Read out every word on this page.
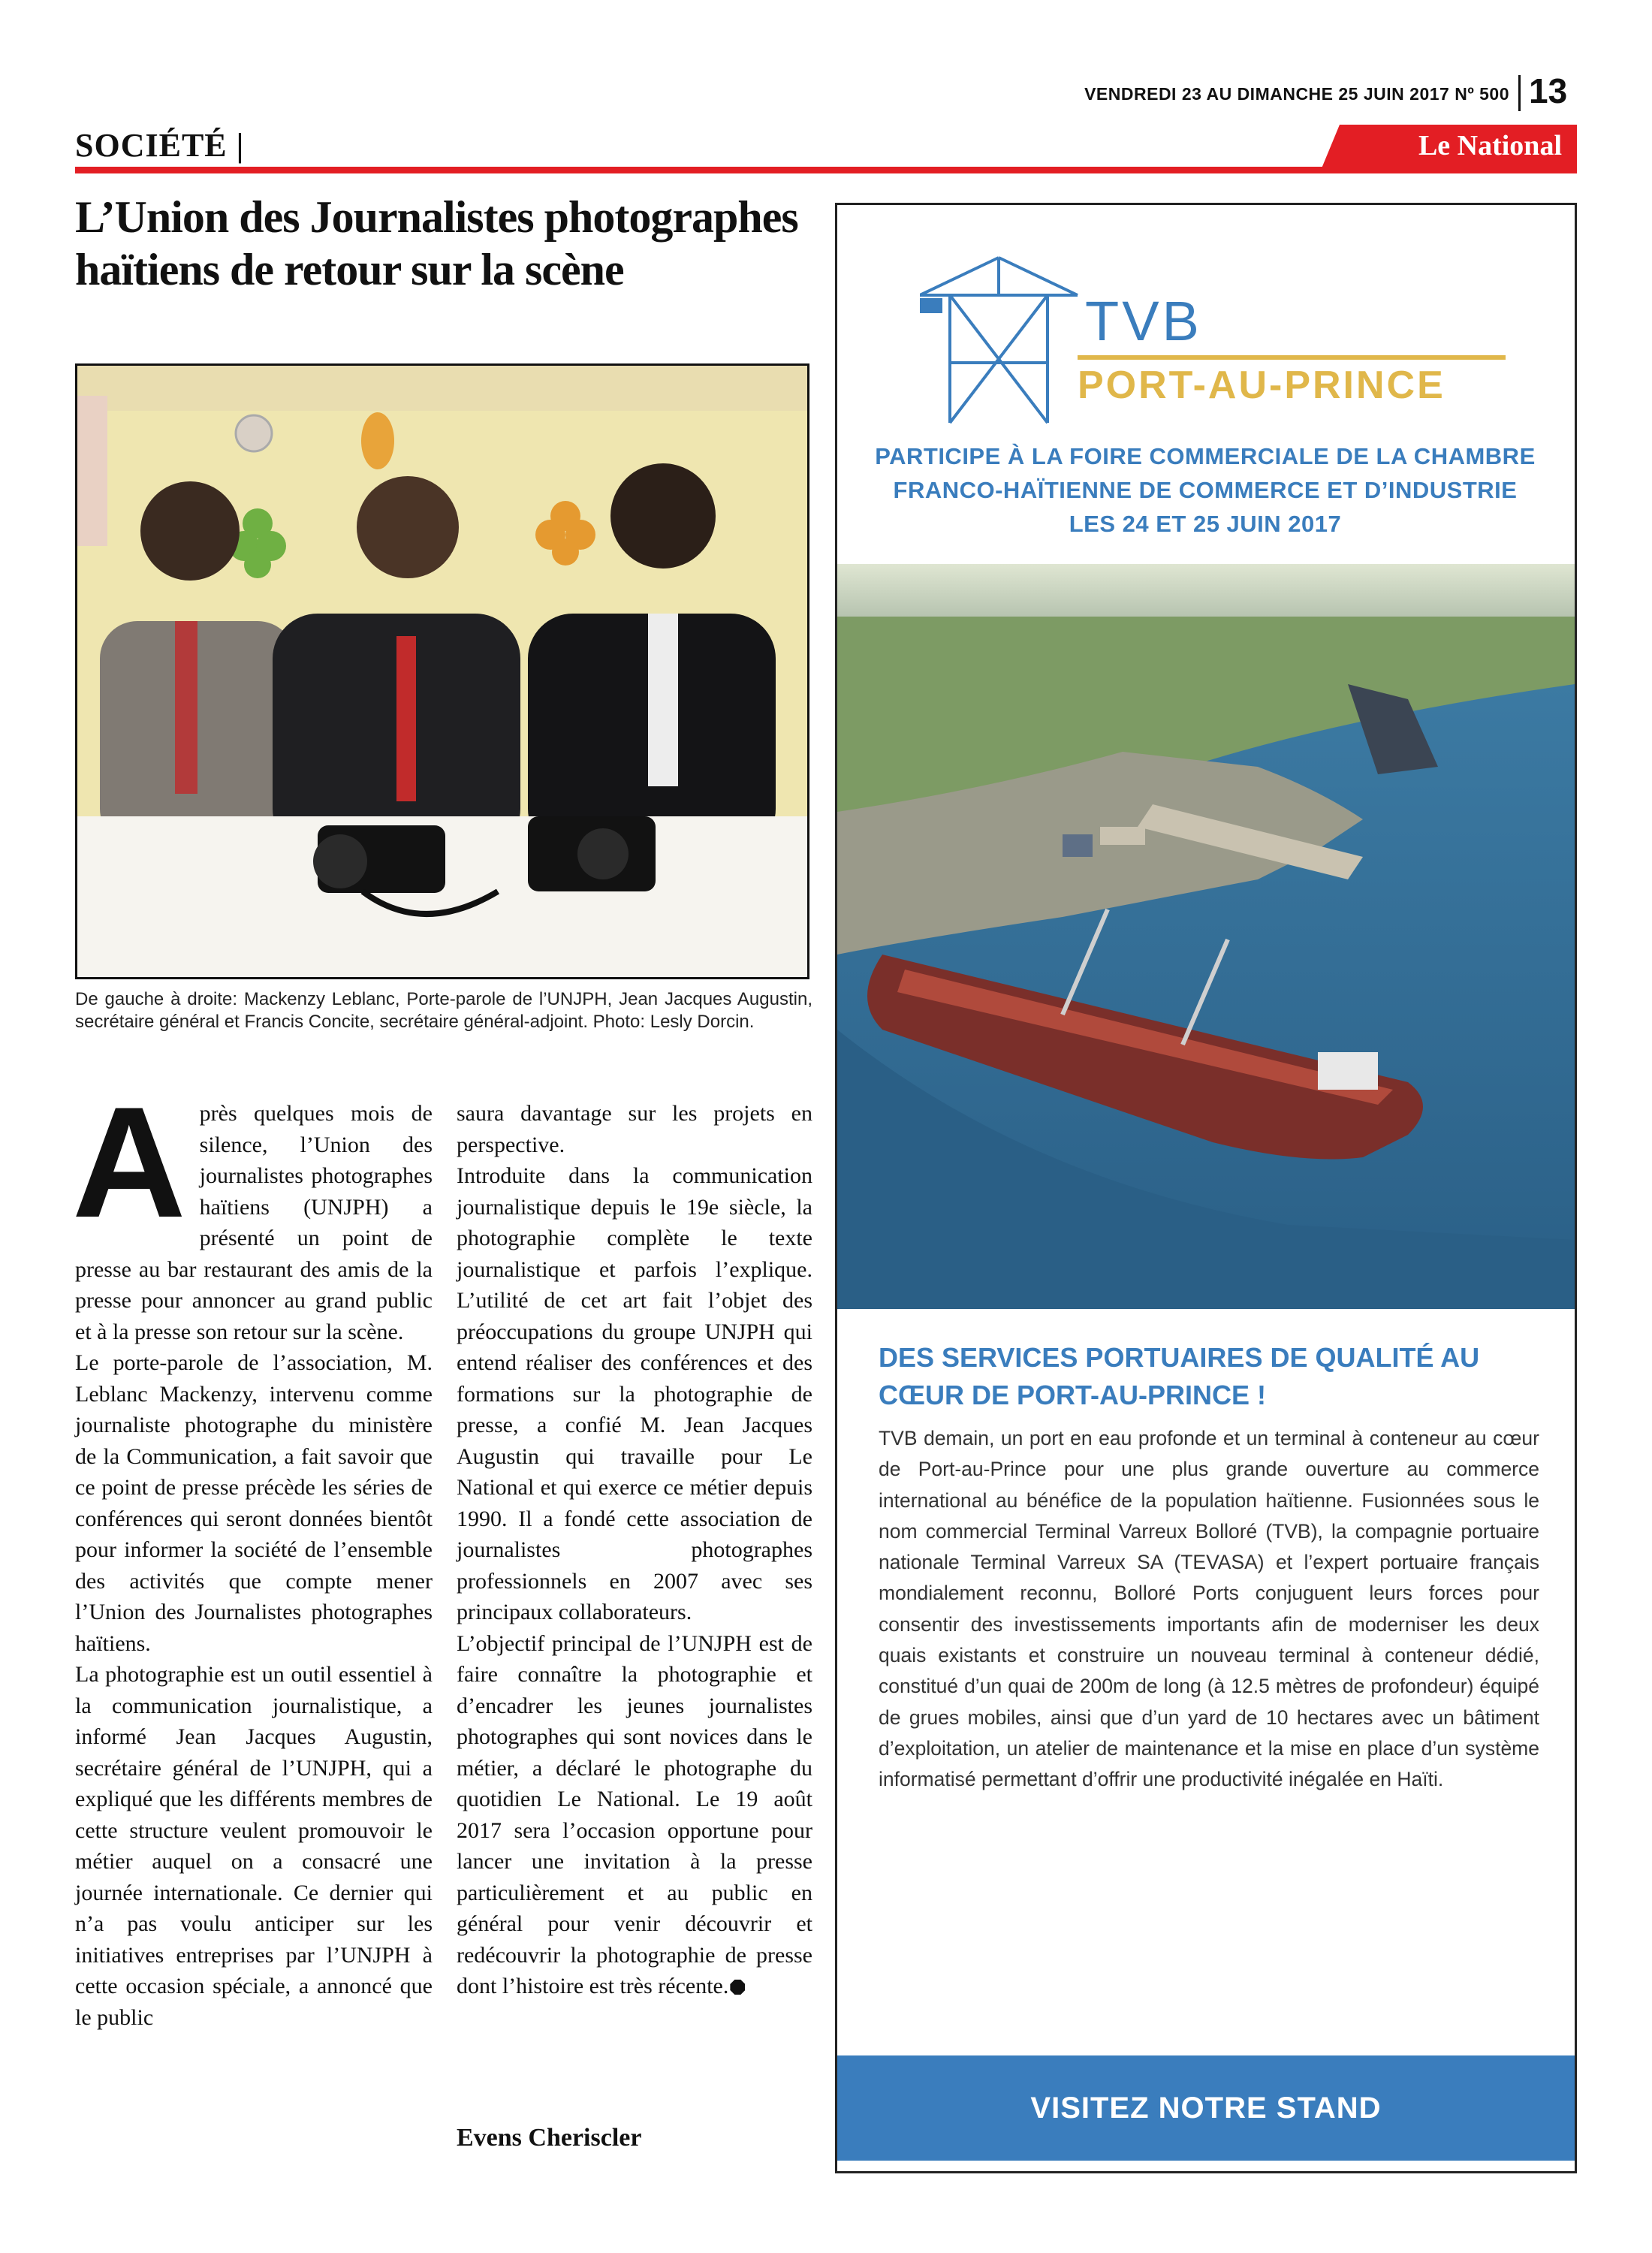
VENDREDI 23 AU DIMANCHE 25 JUIN 2017 Nº 500 13
SOCIÉTÉ |	Le National
L’Union des Journalistes photographes haïtiens de retour sur la scène

De gauche à droite: Mackenzy Leblanc, Porte-parole de l’UNJPH, Jean Jacques Augustin, secrétaire général et Francis Concite, secrétaire général-adjoint. Photo: Lesly Dorcin.

Après quelques mois de silence, l’Union des journalistes photographes haïtiens (UNJPH) a présenté un point de presse au bar restaurant des amis de la presse pour annoncer au grand public et à la presse son retour sur la scène.

Le porte-parole de l’association, M. Leblanc Mackenzy, intervenu comme journaliste photographe du ministère de la Communication, a fait savoir que ce point de presse précède les séries de conférences qui seront données bientôt pour informer la société de l’ensemble des activités que compte mener l’Union des Journalistes photographes haïtiens.

La photographie est un outil essentiel à la communication journalistique, a informé Jean Jacques Augustin, secrétaire général de l’UNJPH, qui a expliqué que les différents membres de cette structure veulent promouvoir le métier auquel on a consacré une journée internationale. Ce dernier qui n’a pas voulu anticiper sur les initiatives entreprises par l’UNJPH à cette occasion spéciale, a annoncé que le public

saura davantage sur les projets en perspective.

Introduite dans la communication journalistique depuis le 19e siècle, la photographie complète le texte journalistique et parfois l’explique. L’utilité de cet art fait l’objet des préoccupations du groupe UNJPH qui entend réaliser des conférences et des formations sur la photographie de presse, a confié M. Jean Jacques Augustin qui travaille pour Le National et qui exerce ce métier depuis 1990. Il a fondé cette association de journalistes photographes professionnels en 2007 avec ses principaux collaborateurs.

L’objectif principal de l’UNJPH est de faire connaître la photographie et d’encadrer les jeunes journalistes photographes qui sont novices dans le métier, a déclaré le photographe du quotidien Le National. Le 19 août 2017 sera l’occasion opportune pour lancer une invitation à la presse particulièrement et au public en général pour venir découvrir et redécouvrir la photographie de presse dont l’histoire est très récente.

Evens Cheriscler
TVB
PORT-AU-PRINCE
PARTICIPE À LA FOIRE COMMERCIALE DE LA CHAMBRE FRANCO-HAÏTIENNE DE COMMERCE ET D’INDUSTRIE LES 24 ET 25 JUIN 2017
DES SERVICES PORTUAIRES DE QUALITÉ AU CŒUR DE PORT-AU-PRINCE !

TVB demain, un port en eau profonde et un terminal à conteneur au cœur de Port-au-Prince pour une plus grande ouverture au commerce international au bénéfice de la population haïtienne. Fusionnées sous le nom commercial Terminal Varreux Bolloré (TVB), la compagnie portuaire nationale Terminal Varreux SA (TEVASA) et l’expert portuaire français mondialement reconnu, Bolloré Ports conjuguent leurs forces pour consentir des investissements importants afin de moderniser les deux quais existants et construire un nouveau terminal à conteneur dédié, constitué d’un quai de 200m de long (à 12.5 mètres de profondeur) équipé de grues mobiles, ainsi que d’un yard de 10 hectares avec un bâtiment d’exploitation, un atelier de maintenance et la mise en place d’un système informatisé permettant d’offrir une productivité inégalée en Haïti.

VISITEZ NOTRE STAND
